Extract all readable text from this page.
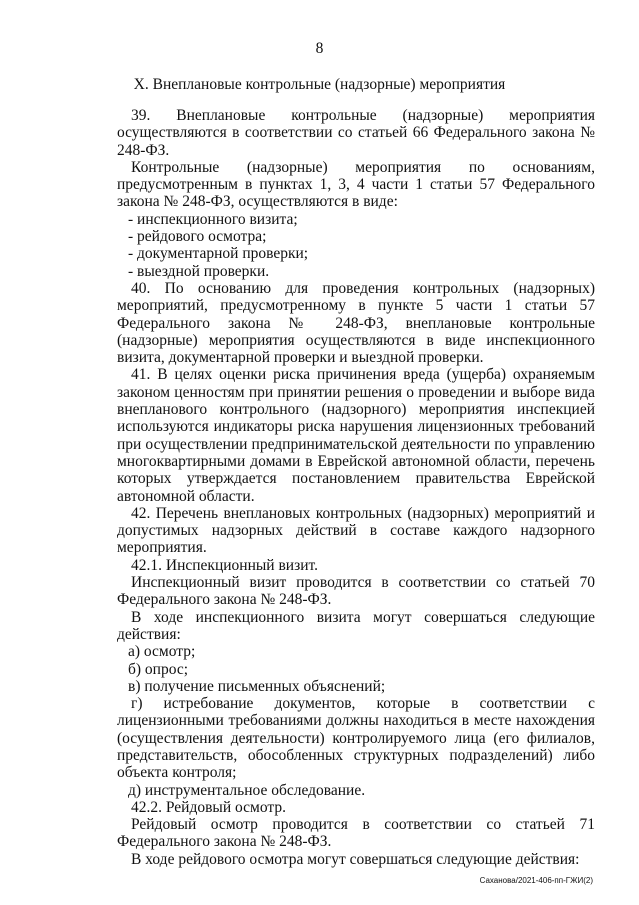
8
X. Внеплановые контрольные (надзорные) мероприятия

39. Внеплановые контрольные (надзорные) мероприятия осуществляются в соответствии со статьей 66 Федерального закона № 248-ФЗ.

Контрольные (надзорные) мероприятия по основаниям, предусмотренным в пунктах 1, 3, 4 части 1 статьи 57 Федерального закона № 248-ФЗ, осуществляются в виде:

- инспекционного визита;

- рейдового осмотра;

- документарной проверки;

- выездной проверки.

40. По основанию для проведения контрольных (надзорных) мероприятий, предусмотренному в пункте 5 части 1 статьи 57 Федерального закона № 248-ФЗ, внеплановые контрольные (надзорные) мероприятия осуществляются в виде инспекционного визита, документарной проверки и выездной проверки.

41. В целях оценки риска причинения вреда (ущерба) охраняемым законом ценностям при принятии решения о проведении и выборе вида внепланового контрольного (надзорного) мероприятия инспекцией используются индикаторы риска нарушения лицензионных требований при осуществлении предпринимательской деятельности по управлению многоквартирными домами в Еврейской автономной области, перечень которых утверждается постановлением правительства Еврейской автономной области.

42. Перечень внеплановых контрольных (надзорных) мероприятий и допустимых надзорных действий в составе каждого надзорного мероприятия.

42.1. Инспекционный визит.

Инспекционный визит проводится в соответствии со статьей 70 Федерального закона № 248-ФЗ.

В ходе инспекционного визита могут совершаться следующие действия:

а) осмотр;

б) опрос;

в) получение письменных объяснений;

г) истребование документов, которые в соответствии с лицензионными требованиями должны находиться в месте нахождения (осуществления деятельности) контролируемого лица (его филиалов, представительств, обособленных структурных подразделений) либо объекта контроля;

д) инструментальное обследование.

42.2. Рейдовый осмотр.

Рейдовый осмотр проводится в соответствии со статьей 71 Федерального закона № 248-ФЗ.

В ходе рейдового осмотра могут совершаться следующие действия:

Саханова/2021-406-пп-ГЖИ(2)
